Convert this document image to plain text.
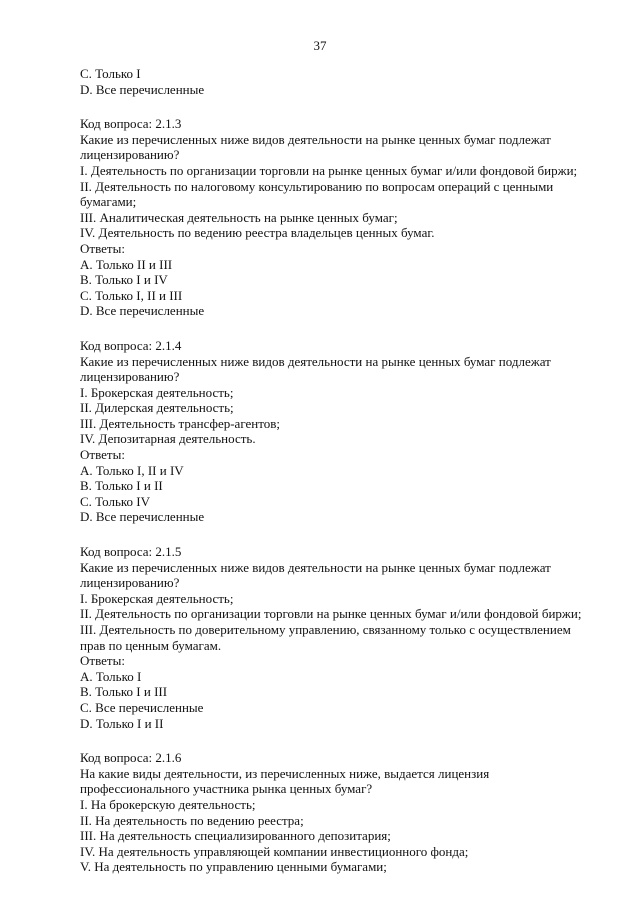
37
C. Только I
D. Все перечисленные
Код вопроса: 2.1.3
Какие из перечисленных ниже видов деятельности на рынке ценных бумаг подлежат
лицензированию?
I. Деятельность по организации торговли на рынке ценных бумаг и/или фондовой биржи;
II. Деятельность по налоговому консультированию по вопросам операций с ценными
бумагами;
III. Аналитическая деятельность на рынке ценных бумаг;
IV. Деятельность по ведению реестра владельцев ценных бумаг.
Ответы:
A. Только II и III
B. Только I и IV
C. Только I, II и III
D. Все перечисленные
Код вопроса: 2.1.4
Какие из перечисленных ниже видов деятельности на рынке ценных бумаг подлежат
лицензированию?
I. Брокерская деятельность;
II. Дилерская деятельность;
III. Деятельность трансфер-агентов;
IV. Депозитарная деятельность.
Ответы:
A. Только I, II и IV
B. Только I и II
C. Только IV
D. Все перечисленные
Код вопроса: 2.1.5
Какие из перечисленных ниже видов деятельности на рынке ценных бумаг подлежат
лицензированию?
I. Брокерская деятельность;
II. Деятельность по организации торговли на рынке ценных бумаг и/или фондовой биржи;
III. Деятельность по доверительному управлению, связанному только с осуществлением
прав по ценным бумагам.
Ответы:
A. Только I
B. Только I и III
C. Все перечисленные
D. Только I и II
Код вопроса: 2.1.6
На какие виды деятельности, из перечисленных ниже, выдается лицензия
профессионального участника рынка ценных бумаг?
I. На брокерскую деятельность;
II. На деятельность по ведению реестра;
III. На деятельность специализированного депозитария;
IV. На деятельность управляющей компании инвестиционного фонда;
V. На деятельность по управлению ценными бумагами;
